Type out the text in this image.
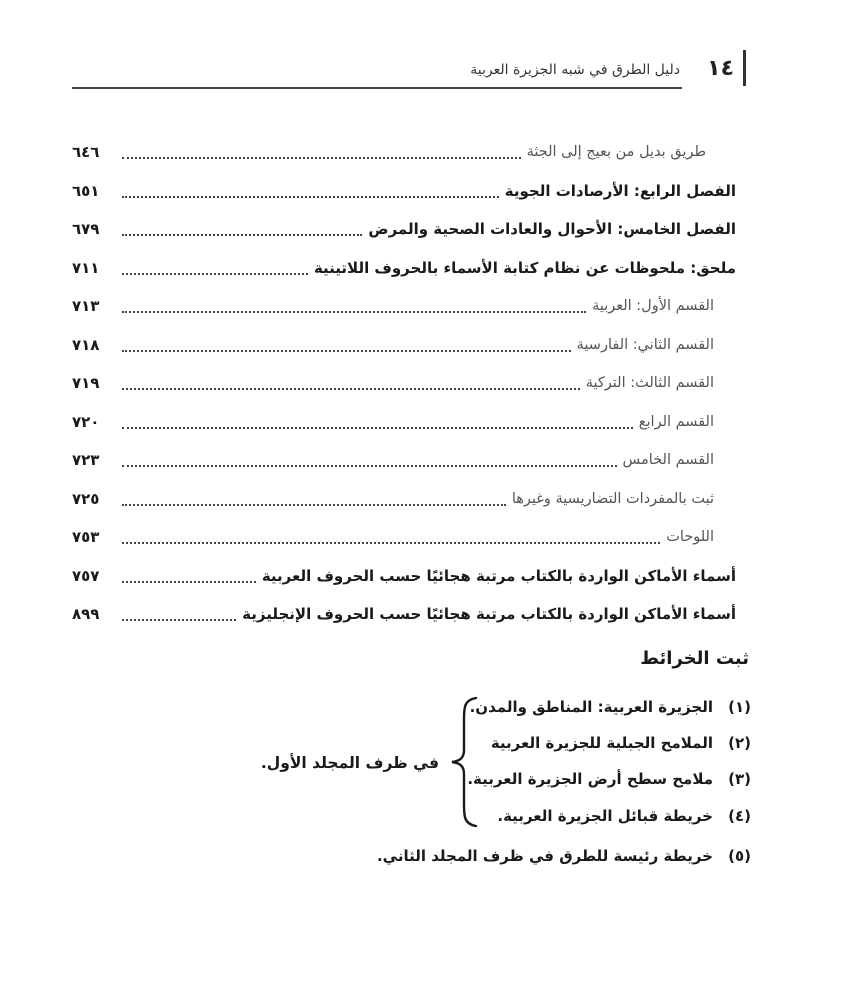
١٤
دليل الطرق في شبه الجزيرة العربية
طريق بديل من بعيج إلى الجثة
٦٤٦
الفصل الرابع: الأرصادات الجوية
٦٥١
الفصل الخامس: الأحوال والعادات الصحية والمرض
٦٧٩
ملحق: ملحوظات عن نظام كتابة الأسماء بالحروف اللاتينية
٧١١
القسم الأول: العربية
٧١٣
القسم الثاني: الفارسية
٧١٨
القسم الثالث: التركية
٧١٩
القسم الرابع
٧٢٠
القسم الخامس
٧٢٣
ثبت بالمفردات التضاريسية وغيرها
٧٢٥
اللوحات
٧٥٣
أسماء الأماكن الواردة بالكتاب مرتبة هجائيًا حسب الحروف العربية
٧٥٧
أسماء الأماكن الواردة بالكتاب مرتبة هجائيًا حسب الحروف الإنجليزية
٨٩٩
ثبت الخرائط
في ظرف المجلد الأول.
(١)الجزيرة العربية: المناطق والمدن.
(٢)الملامح الجبلية للجزيرة العربية
(٣)ملامح سطح أرض الجزيرة العربية.
(٤)خريطة قبائل الجزيرة العربية.
(٥)خريطة رئيسة للطرق في ظرف المجلد الثاني.
